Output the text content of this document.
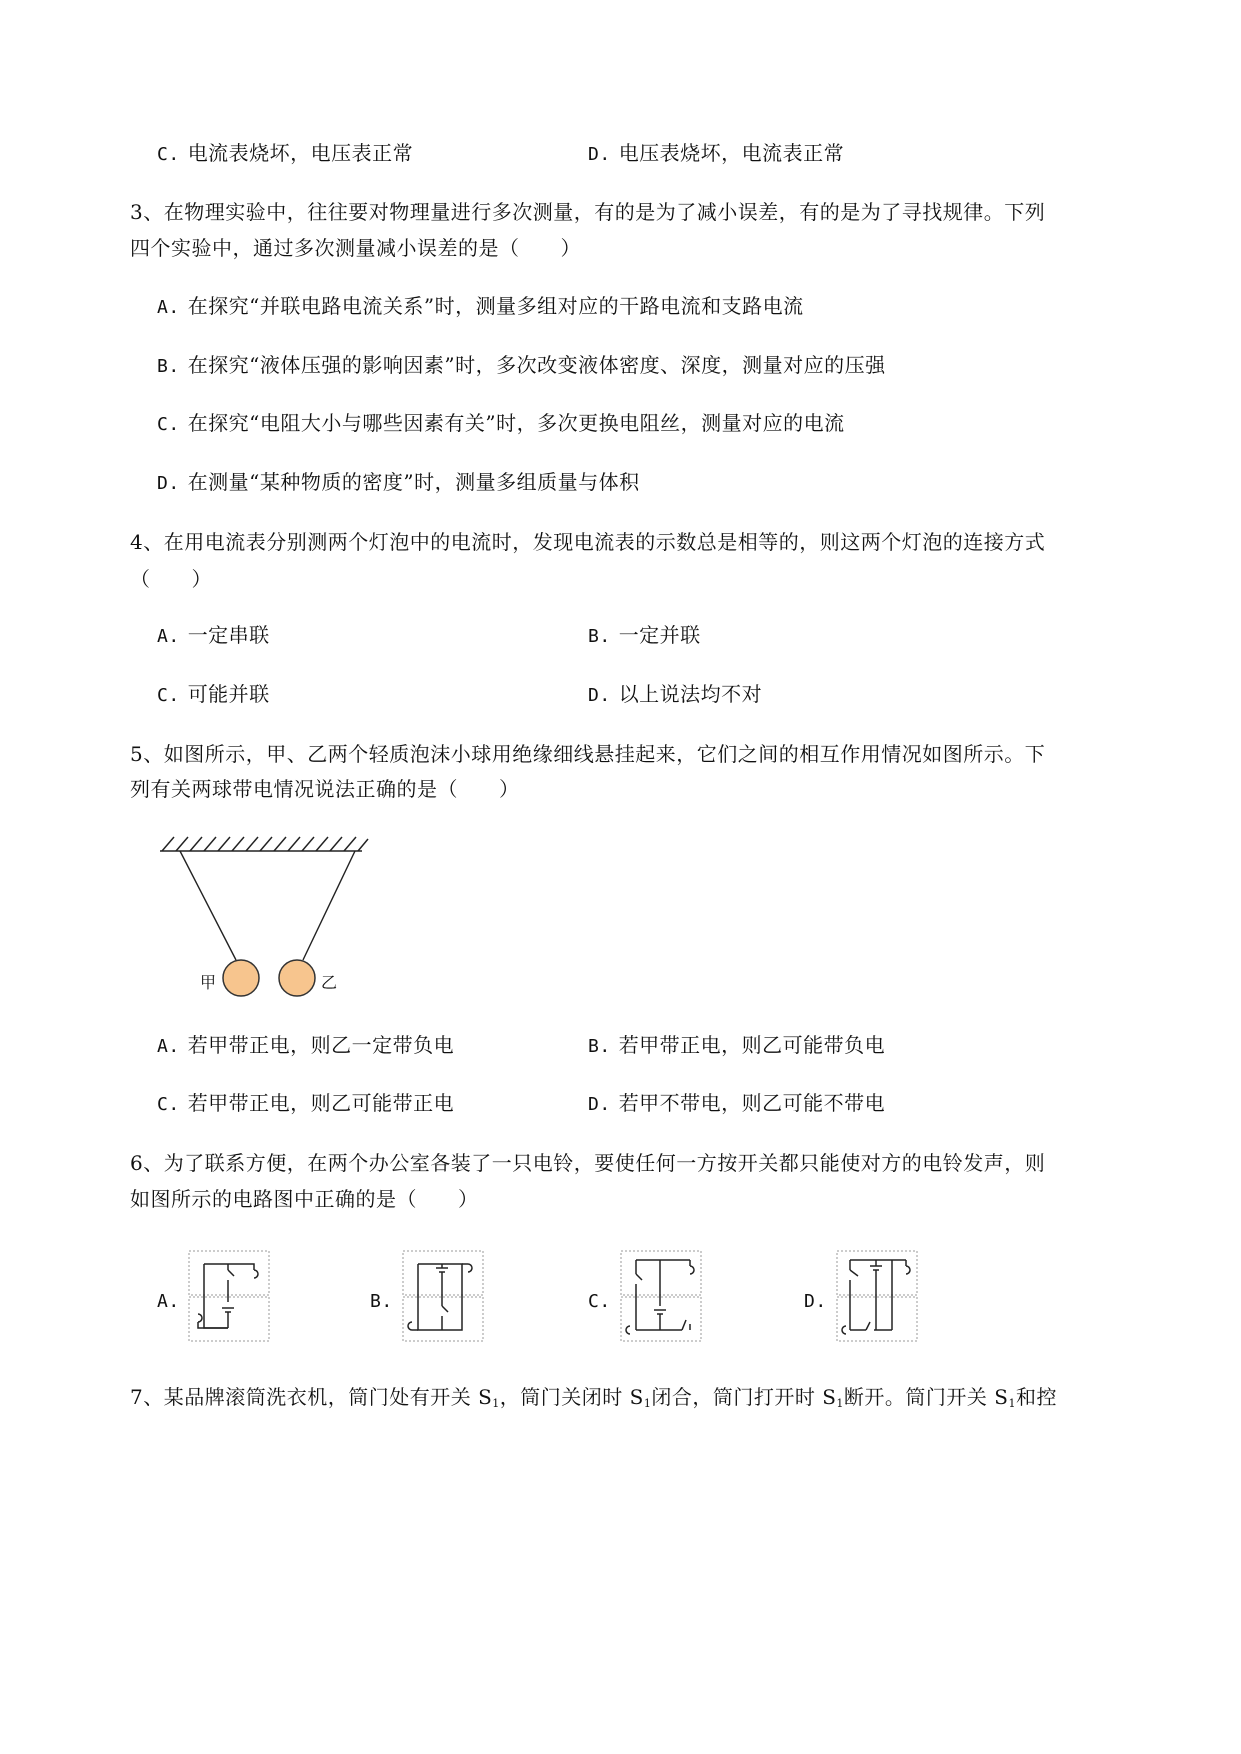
C. 电流表烧坏，电压表正常	D. 电压表烧坏，电流表正常
3、在物理实验中，往往要对物理量进行多次测量，有的是为了减小误差，有的是为了寻找规律。下列
四个实验中，通过多次测量减小误差的是（　　）
A. 在探究“并联电路电流关系”时，测量多组对应的干路电流和支路电流
B. 在探究“液体压强的影响因素”时，多次改变液体密度、深度，测量对应的压强
C. 在探究“电阻大小与哪些因素有关”时，多次更换电阻丝，测量对应的电流
D. 在测量“某种物质的密度”时，测量多组质量与体积
4、在用电流表分别测两个灯泡中的电流时，发现电流表的示数总是相等的，则这两个灯泡的连接方式
（　　）
A. 一定串联	B. 一定并联
C. 可能并联	D. 以上说法均不对
5、如图所示，甲、乙两个轻质泡沫小球用绝缘细线悬挂起来，它们之间的相互作用情况如图所示。下
列有关两球带电情况说法正确的是（　　）
甲	乙
A. 若甲带正电，则乙一定带负电	B. 若甲带正电，则乙可能带负电
C. 若甲带正电，则乙可能带正电	D. 若甲不带电，则乙可能不带电
6、为了联系方便，在两个办公室各装了一只电铃，要使任何一方按开关都只能使对方的电铃发声，则
如图所示的电路图中正确的是（　　）
A.	B.	C.	D.
7、某品牌滚筒洗衣机，筒门处有开关 $S_1$，筒门关闭时 $S_1$闭合，筒门打开时 $S_1$断开。筒门开关 $S_1$和控
